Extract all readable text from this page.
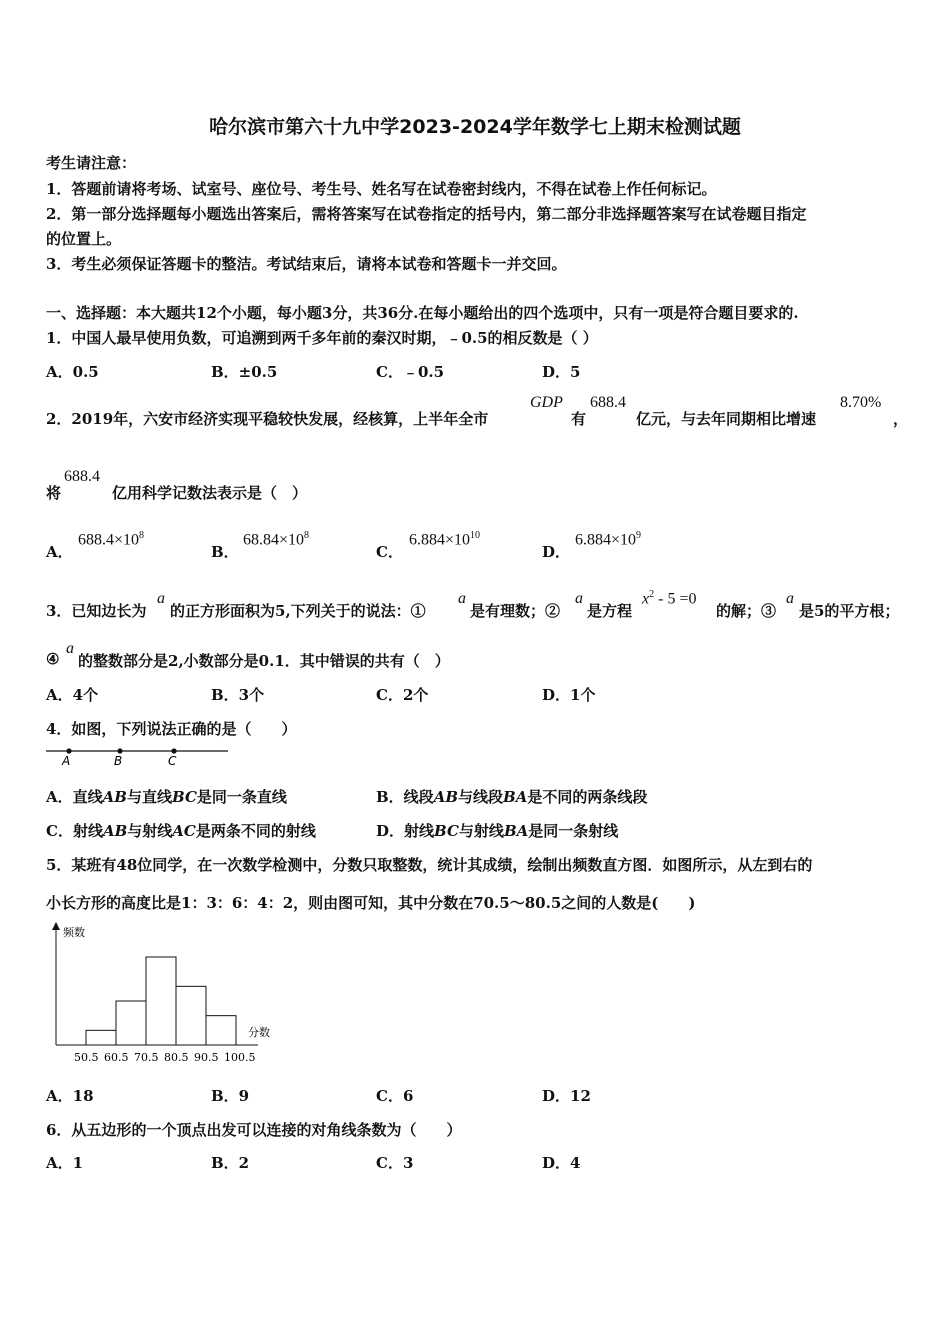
哈尔滨市第六十九中学2023-2024学年数学七上期末检测试题
考生请注意：
1．答题前请将考场、试室号、座位号、考生号、姓名写在试卷密封线内，不得在试卷上作任何标记。
2．第一部分选择题每小题选出答案后，需将答案写在试卷指定的括号内，第二部分非选择题答案写在试卷题目指定
的位置上。
3．考生必须保证答题卡的整洁。考试结束后，请将本试卷和答题卡一并交回。
一、选择题：本大题共12个小题，每小题3分，共36分.在每小题给出的四个选项中，只有一项是符合题目要求的.
1．中国人最早使用负数，可追溯到两千多年前的秦汉时期，﹣0.5的相反数是（ ）
A．0.5	B．±0.5	C．﹣0.5	D．5
2．2019年，六安市经济实现平稳较快发展，经核算，上半年全市
GDP
有
688.4
亿元，与去年同期相比增速
8.70%
，
将
688.4
亿用科学记数法表示是（　）
A．
$688.4\times 10^8$
B．
$68.84\times 10^8$
C．
$6.884\times 10^{10}$
D．
$6.884\times 10^9$
3．已知边长为
a
的正方形面积为5,下列关于的说法：①
a
是有理数；②
a
是方程
$x^2 - 5 =0$
的解；③
a
是5的平方根；
④
a
的整数部分是2,小数部分是0.1．其中错误的共有（　）
A．4个	B．3个	C．2个	D．1个
4．如图，下列说法正确的是（　　）
A	B	C
A．直线AB与直线BC是同一条直线	B．线段AB与线段BA是不同的两条线段
C．射线AB与射线AC是两条不同的射线	D．射线BC与射线BA是同一条射线
5．某班有48位同学，在一次数学检测中，分数只取整数，统计其成绩，绘制出频数直方图．如图所示，从左到右的
小长方形的高度比是1：3：6：4：2，则由图可知，其中分数在70.5～80.5之间的人数是(　　)
频数
分数
50.5 60.5 70.5 80.5 90.5 100.5
A．18	B．9	C．6	D．12
6．从五边形的一个顶点出发可以连接的对角线条数为（　　）
A．1	B．2	C．3	D．4
